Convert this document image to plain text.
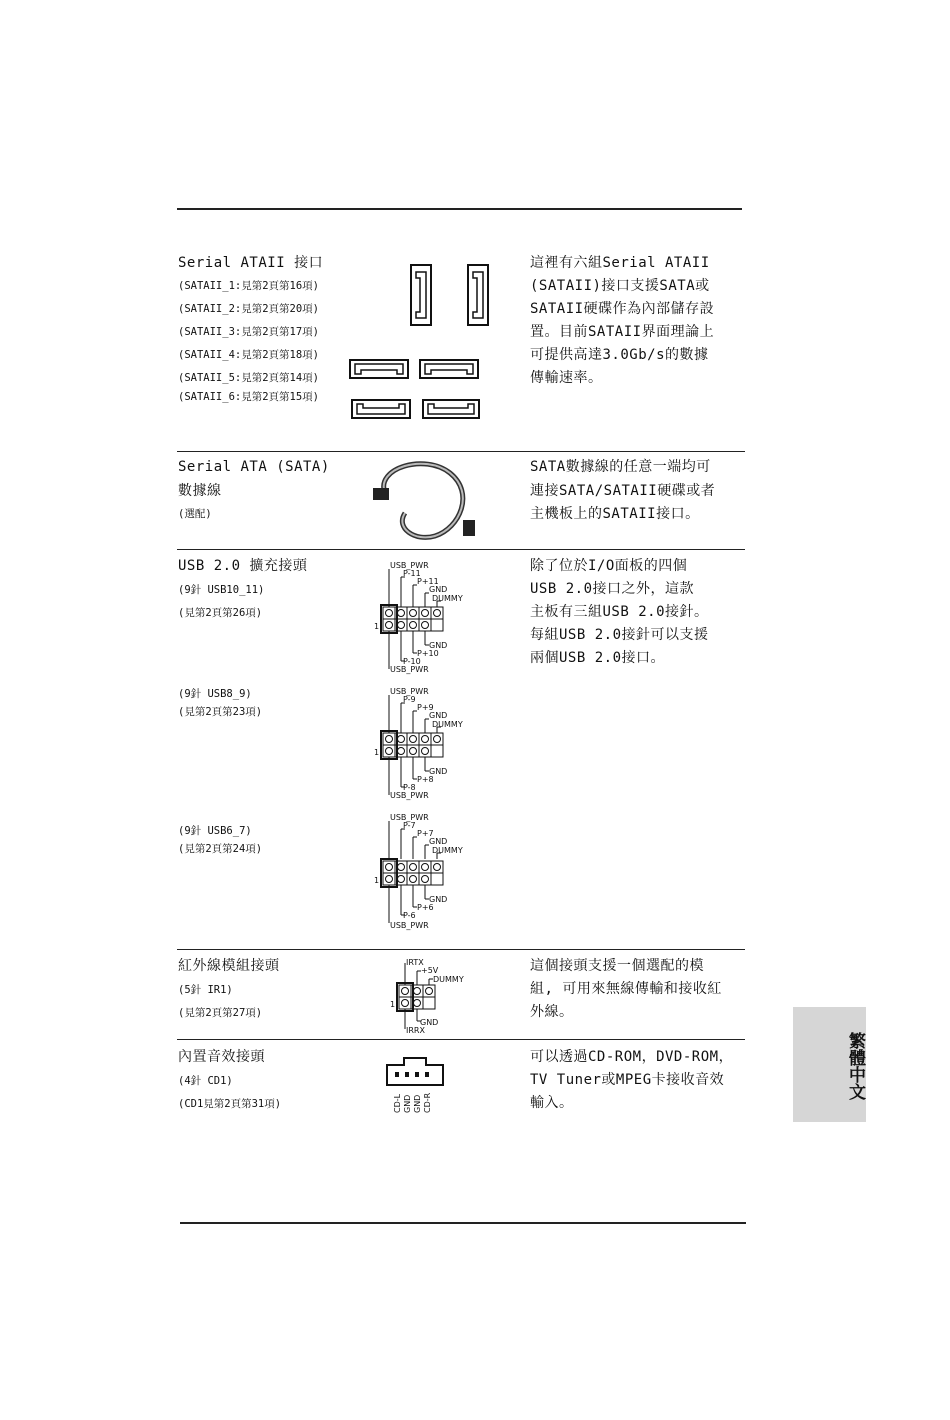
Serial ATAII 接口
(SATAII_1:見第2頁第16項)
(SATAII_2:見第2頁第20項)
(SATAII_3:見第2頁第17項)
(SATAII_4:見第2頁第18項)
(SATAII_5:見第2頁第14項)
(SATAII_6:見第2頁第15項)
這裡有六組Serial ATAII
(SATAII)接口支援SATA或
SATAII硬碟作為內部儲存設
置。目前SATAII界面理論上
可提供高達3.0Gb/s的數據
傳輸速率。
Serial ATA (SATA)
數據線
(選配)
SATA數據線的任意一端均可
連接SATA/SATAII硬碟或者
主機板上的SATAII接口。
USB 2.0 擴充接頭
(9針 USB10_11)
(見第2頁第26項)
(9針 USB8_9)
(見第2頁第23項)
(9針 USB6_7)
(見第2頁第24項)
USB_PWR
P-11
P+11
GND
DUMMY
1
GND
P+10
P-10
USB_PWR
USB_PWR
P-9
P+9
GND
DUMMY
1
GND
P+8
P-8
USB_PWR
USB_PWR
P-7
P+7
GND
DUMMY
1
GND
P+6
P-6
USB_PWR
除了位於I/O面板的四個
USB 2.0接口之外，這款
主板有三組USB 2.0接針。
每組USB 2.0接針可以支援
兩個USB 2.0接口。
紅外線模組接頭
(5針 IR1)
(見第2頁第27項)
IRTX
+5V
DUMMY
1
GND
IRRX
這個接頭支援一個選配的模
組, 可用來無線傳輸和接收紅
外線。
內置音效接頭
(4針 CD1)
(CD1見第2頁第31項)	CD-L GND GND CD-R
可以透過CD-ROM，DVD-ROM，
TV Tuner或MPEG卡接收音效
輸入。
繁體中文
